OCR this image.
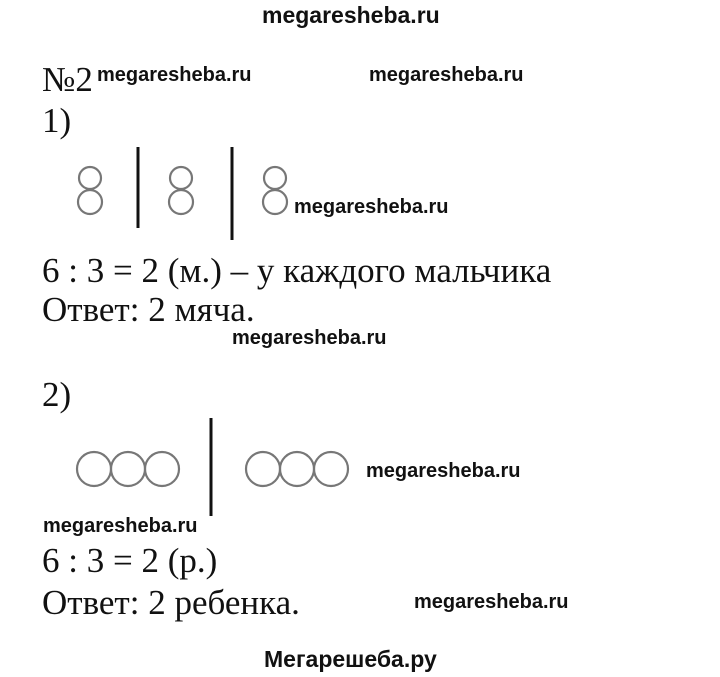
megaresheba.ru
№2 megaresheba.ru	megaresheba.ru
1)
megaresheba.ru
6 : 3 = 2 (м.) – у каждого мальчика
Ответ: 2 мяча.
megaresheba.ru
2)
megaresheba.ru
megaresheba.ru
6 : 3 = 2 (р.)
Ответ: 2 ребенка.	megaresheba.ru
Мегарешеба.ру
